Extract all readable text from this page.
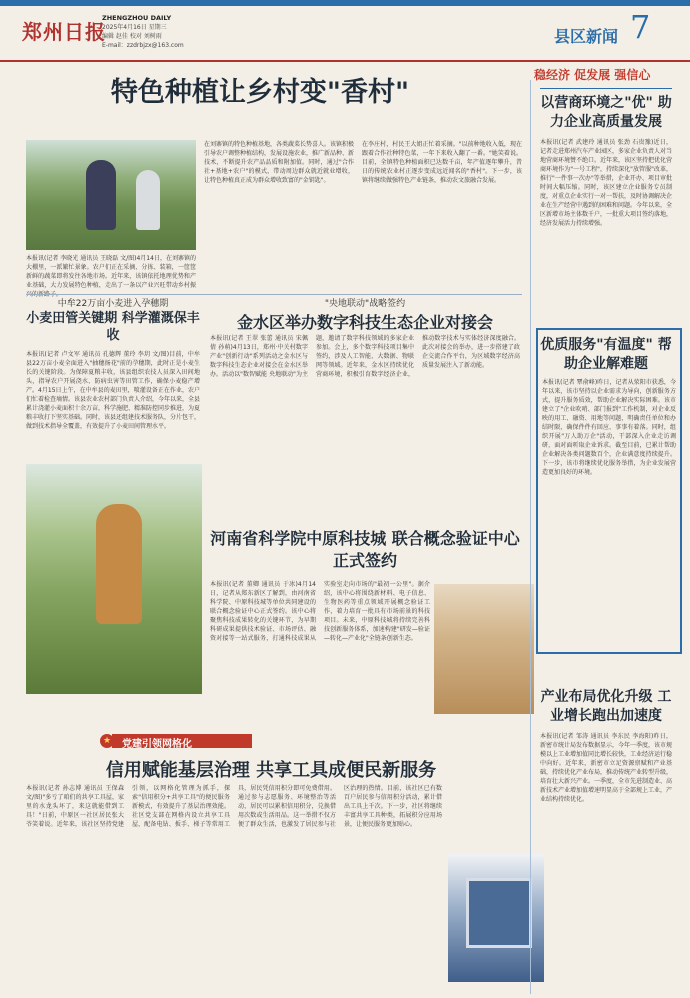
郑州日报
ZHENGZHOU DAILY
2025年4月16日 星期三
编辑 赵佳 校对 刘树雨
E-mail：zzdrbjzx@163.com	县区新闻 7
稳经济 促发展 强信心
特色种植让乡村变"香村"
本报讯(记者 李晓光 通讯员 王晓磊 文/图)4月14日，在刘寨镇的大棚里，一派繁忙景象。农户们正在采摘、分拣、装箱，一筐筐新鲜的蔬菜即将发往各地市场。近年来，该镇依托地理优势和产业基础，大力发展特色种植，走出了一条以产业兴旺带动乡村振
在刘寨镇的特色种植基地，各类蔬菜长势喜人。该镇积极引导农户调整种植结构，发展设施农业，推广新品种、新技术，不断提升农产品品质和附加值。同时，通过"合作社+基地+农户"的模式，带动周边群众就近就业增收，让特色种植真正成为群众增收致富的"金钥匙"。
在李庄村，村民王大姐正忙着采摘。"以前种地收入低，现在跟着合作社种特色菜，一年下来收入翻了一番。"她笑着说。目前，全镇特色种植面积已达数千亩，年产值逐年攀升，昔日的传统农业村正逐步变成远近闻名的"香村"。下一步，该镇将继续做强特色产业链条，推动农文旅融合发展。
中牟22万亩小麦进入孕穗期
小麦田管关键期 科学灌溉保丰收
本报讯(记者 卢文军 通讯员 孔德辉 董玲 李玥 文/图)目前，中牟县22万亩小麦全面进入"抽穗扬花"前的孕穗期，此时正是小麦生长的关键阶段。为保障夏粮丰收，该县组织农技人员深入田间地头，指导农户开展浇水、防病虫害等田管工作，确保小麦稳产增产。4月15日上午，在中牟县的麦田里，喷灌设备正在作业，农户们忙着检查墒情。该县农业农村部门负责人介绍，今年以来，全县累计浇灌小麦面积十余万亩，科学施肥、精准防控同步推进，为夏粮丰收打下坚实基础。同时，该县还组建技术服务队，分片包干，做到技术指导全覆盖，有效提升了小麦田间管理水平。
"央地联动"战略签约
金水区举办数字科技生态企业对接会
本报讯(记者 王翠 张蕾 通讯员 宋佩倩 孙萌)4月13日，郑州·中关村数字产业"创新行动"系列活动之金水区与数字科技生态企业对接会在金水区举办。活动以"数智赋能 央地联动"为主题，邀请了数字科技领域的多家企业参加。会上，多个数字科技项目集中签约，涉及人工智能、大数据、物联网等领域。近年来，金水区持续优化营商环境，积极引育数字经济企业，推动数字技术与实体经济深度融合。此次对接会的举办，进一步搭建了政企交流合作平台，为区域数字经济高质量发展注入了新动能。
河南省科学院中原科技城 联合概念验证中心正式签约
本报讯(记者 董卿 通讯员 于冰)4月14日，记者从郑东新区了解到，由河南省科学院、中原科技城等单位共同建设的联合概念验证中心正式签约。该中心将聚焦科技成果转化的关键环节，为早期科研成果提供技术验证、市场评估、融资对接等一站式服务，打通科技成果从实验室走向市场的"最初一公里"。据介绍，该中心将围绕新材料、电子信息、生物医药等重点领域开展概念验证工作，着力培育一批具有市场前景的科技项目。未来，中原科技城将持续完善科技创新服务体系，加速构建"研发—验证—转化—产业化"全链条创新生态。
★ 党建引领网格化
信用赋能基层治理 共享工具成便民新服务
本报讯(记者 孙志博 通讯员 王保森 文/图)"多亏了咱们的共享工具屋，家里的水龙头坏了，来这就能借到工具！"日前，中原区一社区居民张大爷笑着说。近年来，该社区坚持党建引领，以网格化管理为抓手，探索"信用积分+共享工具"的便民服务新模式，有效提升了基层治理效能。社区党支部在网格内设立共享工具屋，配备电钻、扳手、梯子等常用工具，居民凭信用积分即可免费借用。通过参与志愿服务、环境整治等活动，居民可以累积信用积分，兑换借用次数或生活用品。这一举措不仅方便了群众生活，也激发了居民参与社区治理的热情。目前，该社区已有数百户居民参与信用积分活动，累计借出工具上千次。下一步，社区将继续丰富共享工具种类，拓展积分应用场景，让便民服务更加贴心。
以营商环境之"优" 助力企业高质量发展
本报讯(记者 武建玲 通讯员 张劲 石贵豫)近日，记者走进郑州汽车产业园区，多家企业负责人对当地营商环境赞不绝口。近年来，该区坚持把优化营商环境作为"一号工程"，持续深化"放管服"改革，推行"一件事一次办"等举措，企业开办、项目审批时间大幅压缩。同时，该区建立企业服务专员制度，对重点企业实行一对一帮扶，及时协调解决企业在生产经营中遇到的困难和问题。今年以来，全区新增市场主体数千户，一批重大项目签约落地，经济发展活力持续增强。
优质服务"有温度" 帮助企业解难题
本报讯(记者 覃俞峰)昨日，记者从荥阳市获悉，今年以来，该市坚持以企业需求为导向，创新服务方式，提升服务质效，帮助企业解决实际困难。该市建立了"企业吹哨、部门报到"工作机制，对企业反映的用工、融资、用地等问题，明确责任单位和办结时限，确保件件有回应、事事有着落。同时，组织开展"万人助万企"活动，干部深入企业走访调研，面对面听取企业诉求。截至目前，已累计帮助企业解决各类问题数百个，企业满意度持续提升。下一步，该市将继续优化服务举措，为企业发展营造更加良好的环境。
产业布局优化升级 工业增长跑出加速度
本报讯(记者 邹涛 通讯员 李东民 李海阳)昨日，新密市统计局发布数据显示，今年一季度，该市规模以上工业增加值同比增长较快，工业经济运行稳中向好。近年来，新密市立足资源禀赋和产业基础，持续优化产业布局，推动传统产业转型升级，培育壮大新兴产业。一季度，全市先进制造业、高新技术产业增加值增速明显高于全部规上工业，产业结构持续优化。
